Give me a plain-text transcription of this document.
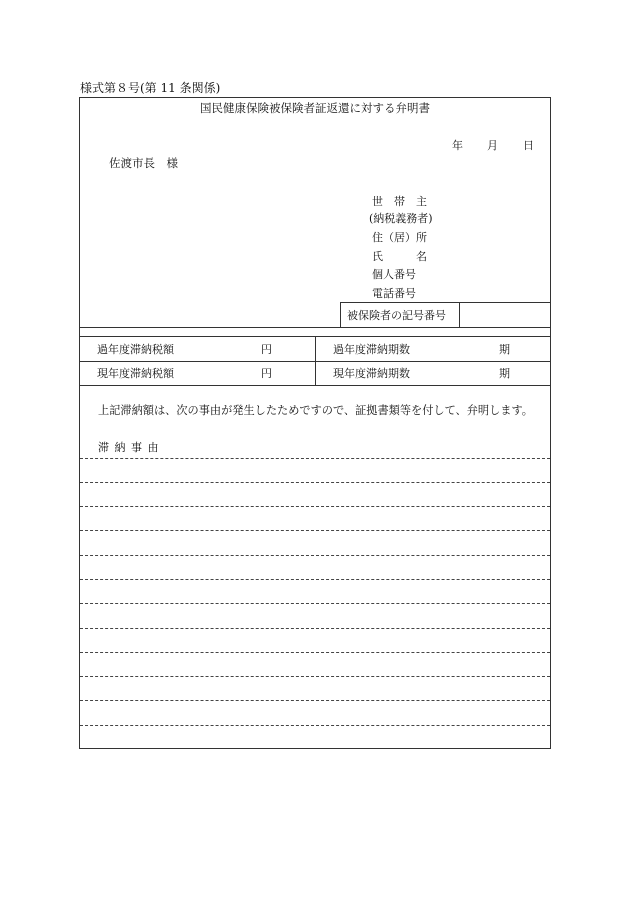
様式第８号(第 11 条関係)
国民健康保険被保険者証返還に対する弁明書
年 月 日
佐渡市長　様
世　帯　主
(納税義務者)
住（居）所
氏　　　名
個人番号
電話番号
被保険者の記号番号
過年度滞納税額	円	過年度滞納期数	期
現年度滞納税額	円	現年度滞納期数	期
上記滞納額は、次の事由が発生したためですので、証拠書類等を付して、弁明します。
滞 納 事 由
